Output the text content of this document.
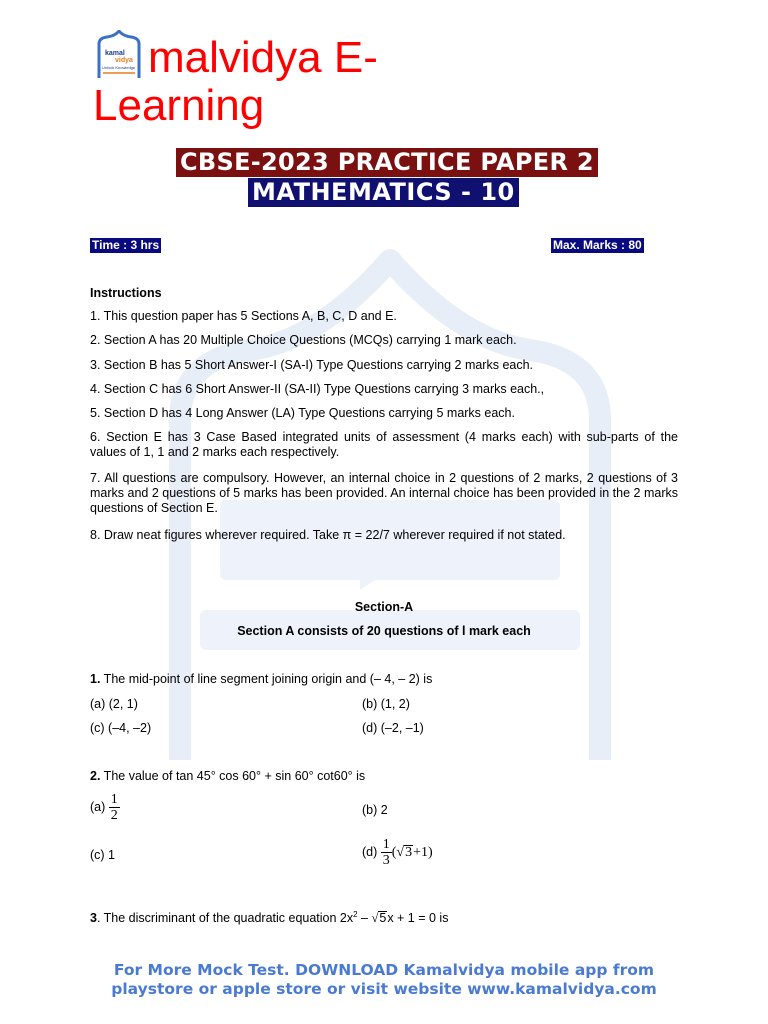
kamal
vidya
Unlock Knowledge malvidya E-Learning
CBSE-2023 PRACTICE PAPER 2
MATHEMATICS - 10
Time : 3 hrs	Max. Marks : 80
Instructions
1. This question paper has 5 Sections A, B, C, D and E.
2. Section A has 20 Multiple Choice Questions (MCQs) carrying 1 mark each.
3. Section B has 5 Short Answer-I (SA-I) Type Questions carrying 2 marks each.
4. Section C has 6 Short Answer-II (SA-II) Type Questions carrying 3 marks each.,
5. Section D has 4 Long Answer (LA) Type Questions carrying 5 marks each.
6. Section E has 3 Case Based integrated units of assessment (4 marks each) with sub-parts of the values of 1, 1 and 2 marks each respectively.
7. All questions are compulsory. However, an internal choice in 2 questions of 2 marks, 2 questions of 3 marks and 2 questions of 5 marks has been provided. An internal choice has been provided in the 2 marks questions of Section E.
8. Draw neat figures wherever required. Take π = 22/7 wherever required if not stated.
Section-A
Section A consists of 20 questions of l mark each
1. The mid-point of line segment joining origin and (– 4, – 2) is
(a) (2, 1)	(b) (1, 2)
(c) (–4, –2)	(d) (–2, –1)
2. The value of tan 45° cos 60° + sin 60° cot60° is
$(a) \frac{1}{2}$	(b) 2
(c) 1	$(d) \frac{1}{3} (√3+1)$
3. The discriminant of the quadratic equation $2x^2 - √5x + 1 = 0$ is
For More Mock Test. DOWNLOAD Kamalvidya mobile app from playstore or apple store or visit website www.kamalvidya.com
